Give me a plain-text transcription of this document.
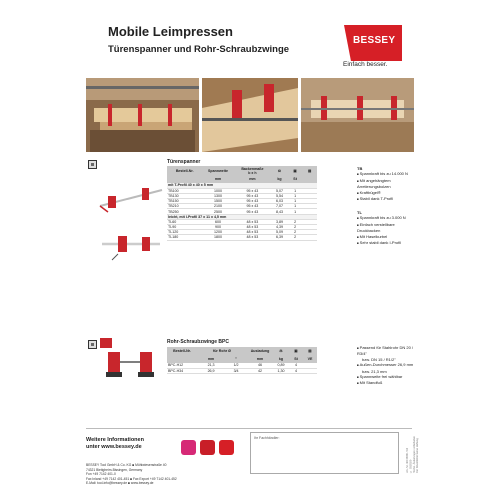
Mobile Leimpressen
Türenspanner und Rohr-Schraubzwinge
BESSEY
Einfach besser.
Türenspanner
Bestell-Nr.	Spannweite	Backenmaße
b x h	⚖	▣	▤
	mm	mm	kg	St	
mit T-Profil 40 x 40 x 5 mm					
TB100	1000	95 x 43	5,07	1	
TB130	1300	95 x 43	5,54	1	
TB150	1500	95 x 43	6,03	1	
TB210	2100	95 x 43	7,07	1	
TB250	2500	95 x 43	8,43	1	
leicht, mit I-Profil 37 x 11 x 4,5 mm					
TL60	600	48 x 53	3,89	2	
TL90	900	48 x 53	4,39	2	
TL120	1200	48 x 53	5,09	2	
TL180	1800	48 x 53	6,39	2	
TB
■ Spannkraft bis zu 14.000 N
■ Mit angehängtem Arretierungsbolzen
■ Kraftbügel®
■ Stabil dank T-Profil
TL
■ Spannkraft bis zu 3.000 N
■ Einfach verstellbare Druckbacken
■ Mit Haselkurbel
■ Sehr stabil dank I-Profil
Rohr-Schraubzwinge BPC
Bestell-Nr.	für Rohr Ø		Ausladung	⚖	▣	▤
	mm	"	mm	kg	St	VE
BPC-H12	21,3	1/2	46	0,89	4	
BPC-H34	26,9	3/4	42	1,30	4	
■ Passend für Stahlrohr DN 20 / R3/4"
bzw. DN 15 / R1/2"
■ Außen-Durchmesser 26,9 mm
bzw. 21,3 mm
■ Spannweite frei wählbar
■ Mit Standfuß
Weitere Informationen
unter www.bessey.de
Ihr Fachhändler:
BESSEY Tool GmbH & Co. KG ■ Mühlwiesenstraße 40
74321 Bietigheim-Bissingen, Germany
Fon +49 7142 401-0
Fax Inland +49 7142 401-451 ■ Fax Export +49 7142 401-452
E-Mail: tool-info@bessey.de ■ www.bessey.de
Art.-Nr. 400 8080 / 04 © 03/2020 Techn. Änderungen vorbehalten Für Druckfehler keine Haftung
